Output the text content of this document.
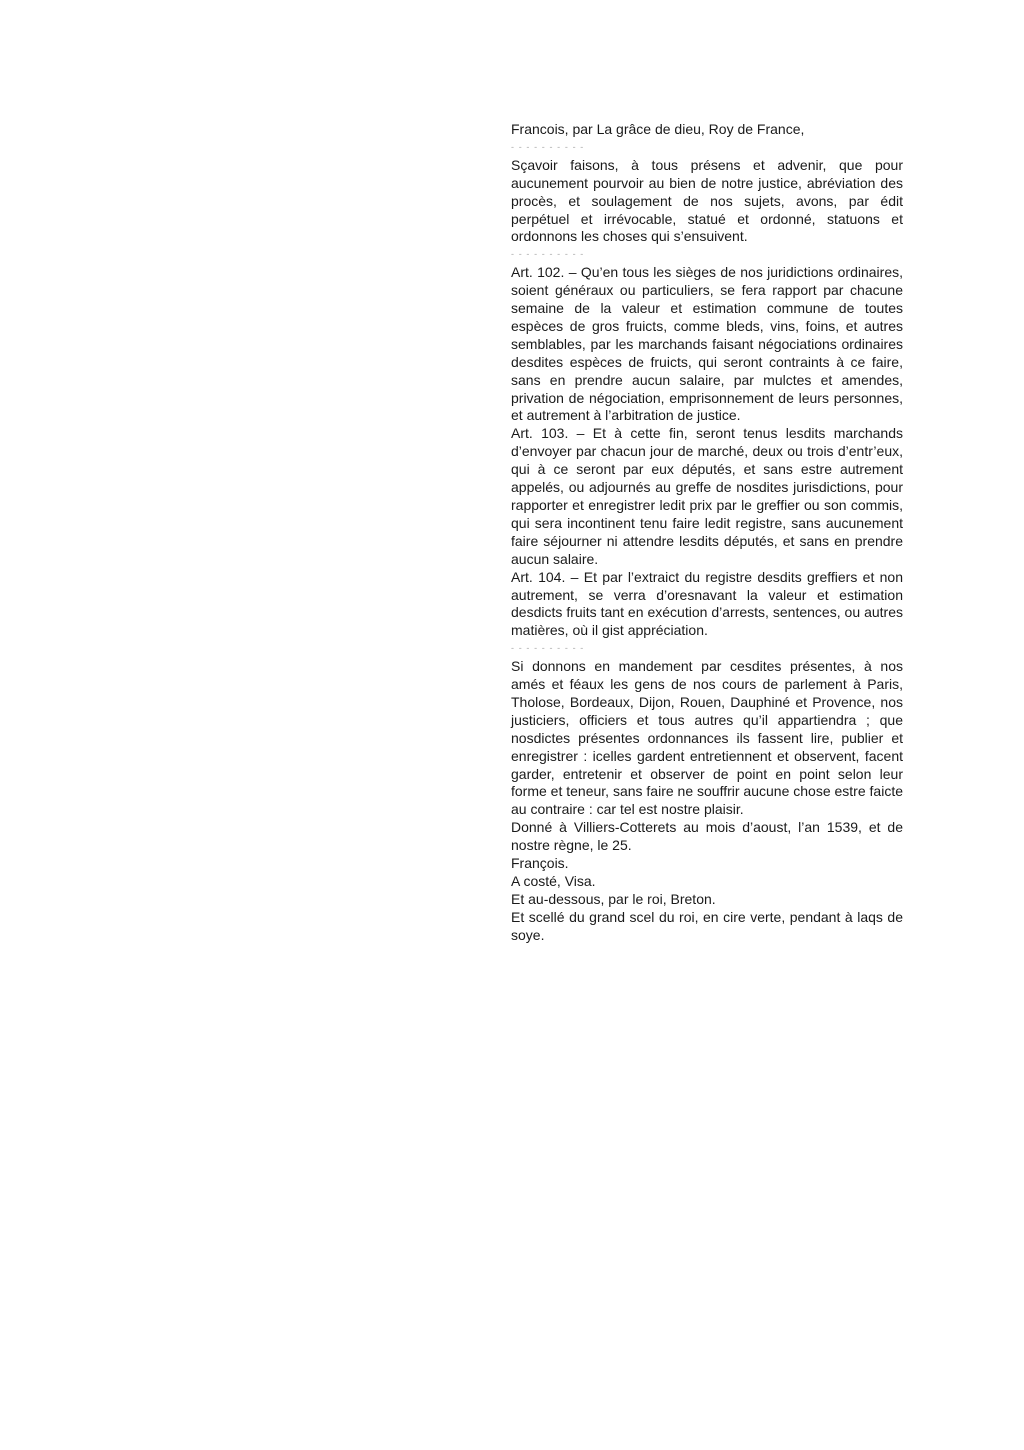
Francois, par La grâce de dieu, Roy de France,

- - - - - - - - - -

Sçavoir faisons, à tous présens et advenir, que pour aucunement pourvoir au bien de notre justice, abréviation des procès, et soulagement de nos sujets, avons, par édit perpétuel et irrévocable, statué et ordonné, statuons et ordonnons les choses qui s’ensuivent.

- - - - - - - - - -

Art. 102. – Qu’en tous les sièges de nos juridictions ordinaires, soient généraux ou particuliers, se fera rapport par chacune semaine de la valeur et estimation commune de toutes espèces de gros fruicts, comme bleds, vins, foins, et autres semblables, par les marchands faisant négociations ordinaires desdites espèces de fruicts, qui seront contraints à ce faire, sans en prendre aucun salaire, par mulctes et amendes, privation de négociation, emprisonnement de leurs personnes, et autrement à l’arbitration de justice.

Art. 103. – Et à cette fin, seront tenus lesdits marchands d’envoyer par chacun jour de marché, deux ou trois d’entr’eux, qui à ce seront par eux députés, et sans estre autrement appelés, ou adjournés au greffe de nosdites jurisdictions, pour rapporter et enregistrer ledit prix par le greffier ou son commis, qui sera incontinent tenu faire ledit registre, sans aucunement faire séjourner ni attendre lesdits députés, et sans en prendre aucun salaire.

Art. 104. – Et par l’extraict du registre desdits greffiers et non autrement, se verra d’oresnavant la valeur et estimation desdicts fruits tant en exécution d’arrests, sentences, ou autres matières, où il gist appréciation.

- - - - - - - - - -

Si donnons en mandement par cesdites présentes, à nos amés et féaux les gens de nos cours de parlement à Paris, Tholose, Bordeaux, Dijon, Rouen, Dauphiné et Provence, nos justiciers, officiers et tous autres qu’il appartiendra ; que nosdictes présentes ordonnances ils fassent lire, publier et enregistrer : icelles gardent entretiennent et observent, facent garder, entretenir et observer de point en point selon leur forme et teneur, sans faire ne souffrir aucune chose estre faicte au contraire : car tel est nostre plaisir.

Donné à Villiers-Cotterets au mois d’aoust, l’an 1539, et de nostre règne, le 25.

François.

A costé, Visa.

Et au-dessous, par le roi, Breton.

Et scellé du grand scel du roi, en cire verte, pendant à laqs de soye.
